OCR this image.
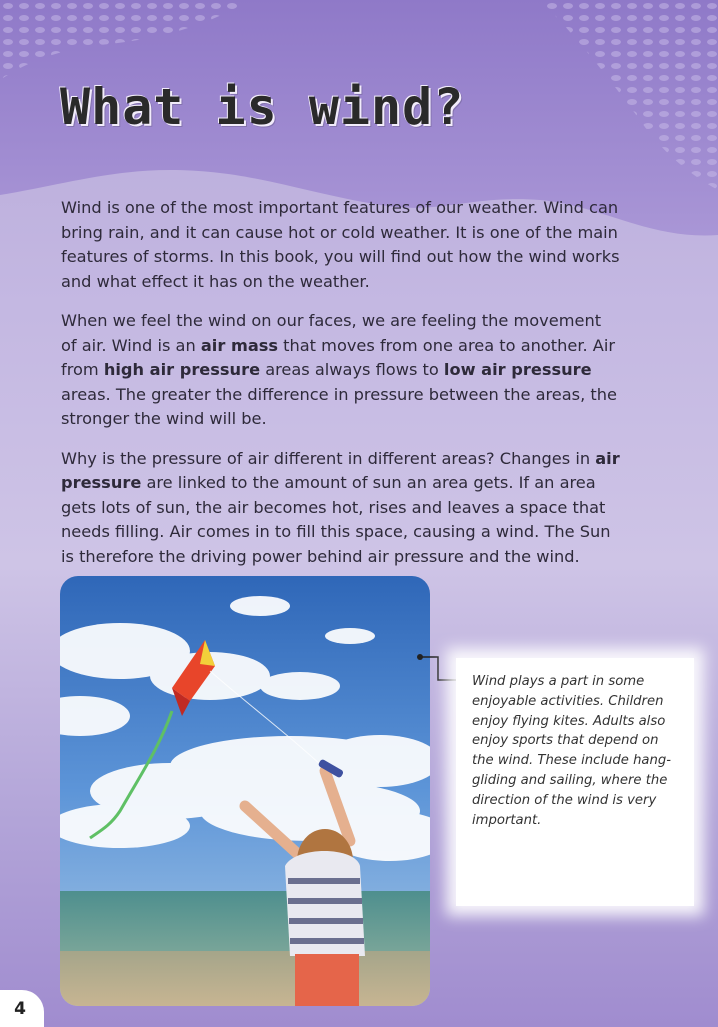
What is wind?

Wind is one of the most important features of our weather. Wind can bring rain, and it can cause hot or cold weather. It is one of the main features of storms. In this book, you will find out how the wind works and what effect it has on the weather.

When we feel the wind on our faces, we are feeling the movement of air. Wind is an air mass that moves from one area to another. Air from high air pressure areas always flows to low air pressure areas. The greater the difference in pressure between the areas, the stronger the wind will be.

Why is the pressure of air different in different areas? Changes in air pressure are linked to the amount of sun an area gets. If an area gets lots of sun, the air becomes hot, rises and leaves a space that needs filling. Air comes in to fill this space, causing a wind. The Sun is therefore the driving power behind air pressure and the wind.

Wind plays a part in some enjoyable activities. Children enjoy flying kites. Adults also enjoy sports that depend on the wind. These include hang-gliding and sailing, where the direction of the wind is very important.
4
